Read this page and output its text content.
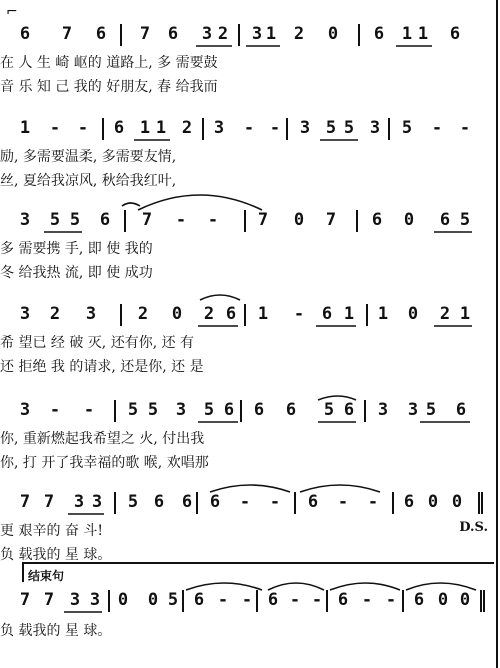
⌐
6 7 6 7 6 3 2 3 1 2 0 6 1 1 6
在 人 生 崎 岖的 道路上, 多 需要鼓
音 乐 知 己 我的 好朋友, 春 给我而
1 - - 6 1 1 2 3 - - 3 5 5 3 5 - -
励, 多需要温柔, 多需要友情,
丝, 夏给我凉风, 秋给我红叶,
3 5 5 6 7 - - 7 0 7 6 0 6 5
多 需要携 手, 即 使 我的
冬 给我热 流, 即 使 成功
3 2 3 2 0 2 6 1 - 6 1 1 0 2 1
希 望已 经 破 灭, 还有你, 还 有
还 拒绝 我 的请求, 还是你, 还 是
3 - - 5 5 3 5 6 6 6 5 6 3 3 5 6
你, 重新燃起我希望之 火, 付出我
你, 打 开了我幸福的歌 喉, 欢唱那
7 7 3 3 5 6 6 6 - - 6 - - 6 0 0
更 艰辛的 奋 斗!
负 载我的 星 球。
D.S.
结束句
7 7 3 3 0 0 5 6 - - 6 - - 6 - - 6 0 0
负 载我的 星 球。
